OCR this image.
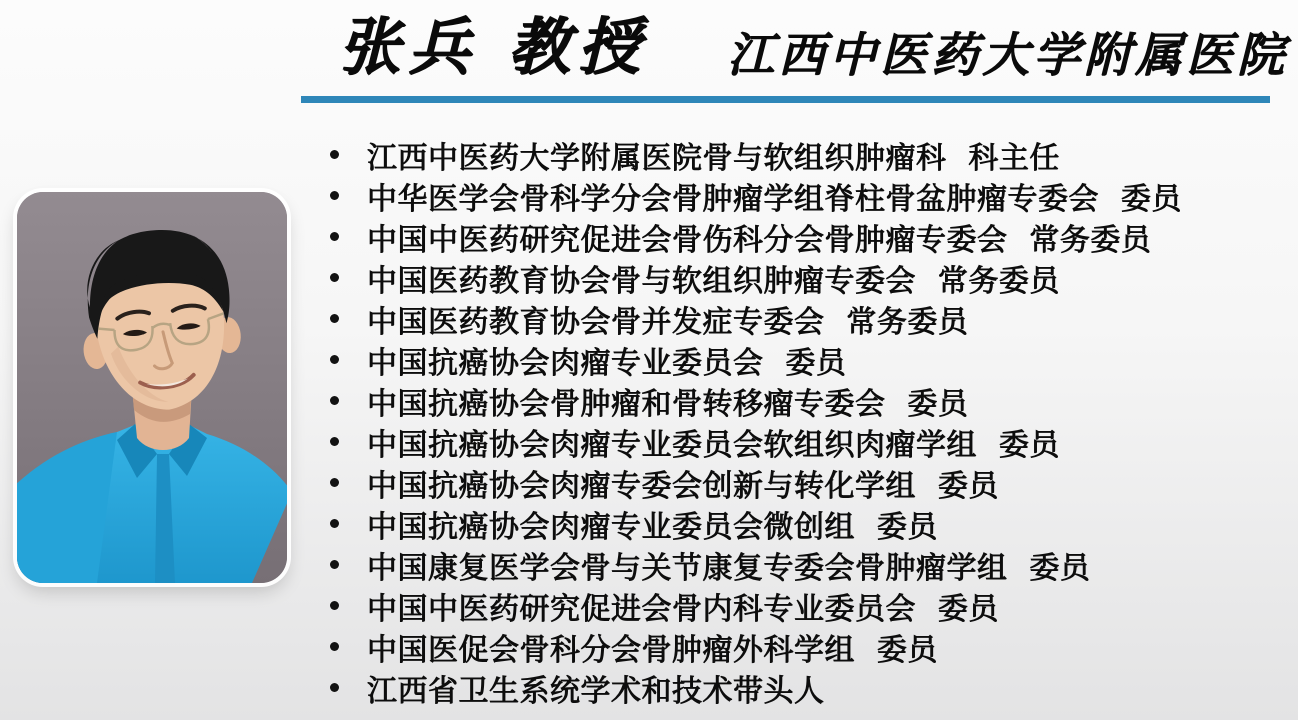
张兵 教授 江西中医药大学附属医院
江西中医药大学附属医院骨与软组织肿瘤科  科主任
中华医学会骨科学分会骨肿瘤学组脊柱骨盆肿瘤专委会  委员
中国中医药研究促进会骨伤科分会骨肿瘤专委会  常务委员
中国医药教育协会骨与软组织肿瘤专委会  常务委员
中国医药教育协会骨并发症专委会  常务委员
中国抗癌协会肉瘤专业委员会  委员
中国抗癌协会骨肿瘤和骨转移瘤专委会  委员
中国抗癌协会肉瘤专业委员会软组织肉瘤学组  委员
中国抗癌协会肉瘤专委会创新与转化学组  委员
中国抗癌协会肉瘤专业委员会微创组  委员
中国康复医学会骨与关节康复专委会骨肿瘤学组  委员
中国中医药研究促进会骨内科专业委员会  委员
中国医促会骨科分会骨肿瘤外科学组  委员
江西省卫生系统学术和技术带头人
